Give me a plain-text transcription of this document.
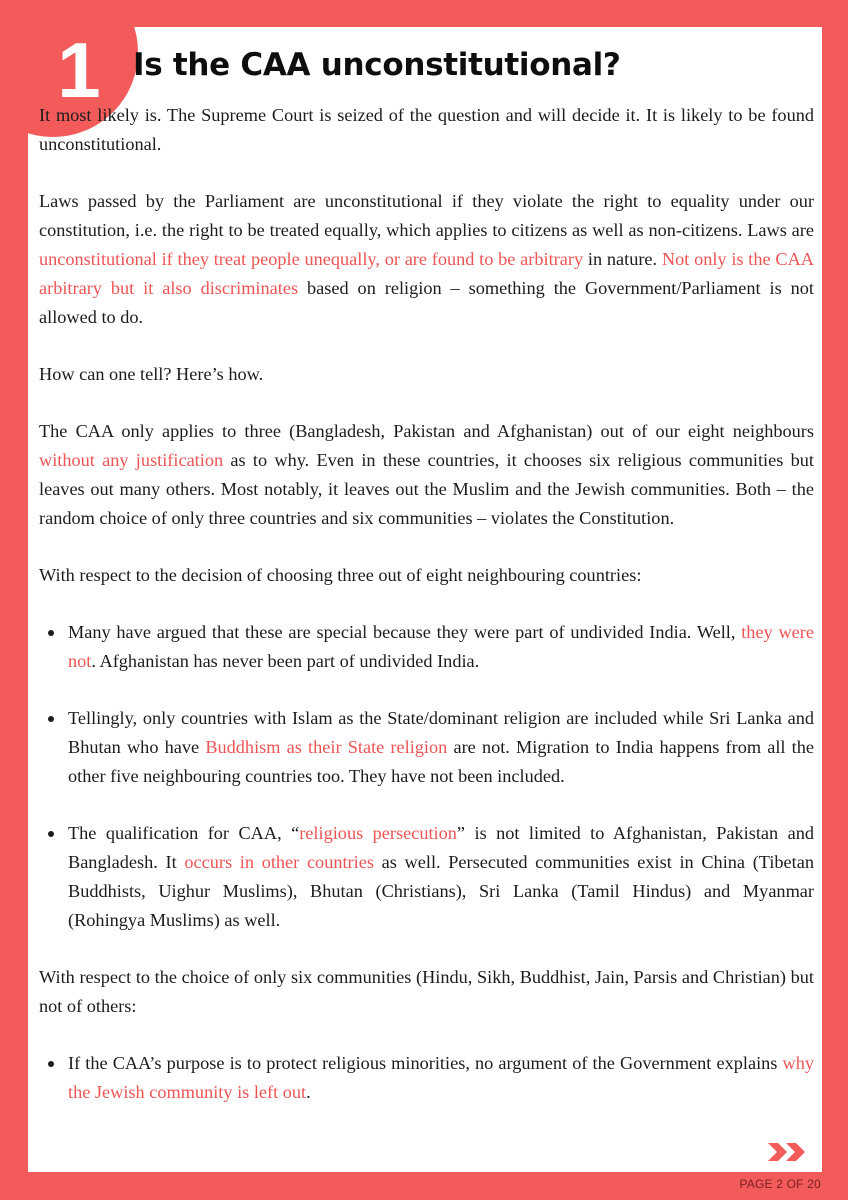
1 Is the CAA unconstitutional?

It most likely is. The Supreme Court is seized of the question and will decide it. It is likely to be found unconstitutional.

Laws passed by the Parliament are unconstitutional if they violate the right to equality under our constitution, i.e. the right to be treated equally, which applies to citizens as well as non-citizens. Laws are unconstitutional if they treat people unequally, or are found to be arbitrary in nature. Not only is the CAA arbitrary but it also discriminates based on religion – something the Government/Parliament is not allowed to do.

How can one tell? Here’s how.

The CAA only applies to three (Bangladesh, Pakistan and Afghanistan) out of our eight neighbours without any justification as to why. Even in these countries, it chooses six religious communities but leaves out many others. Most notably, it leaves out the Muslim and the Jewish communities. Both – the random choice of only three countries and six communities – violates the Constitution.

With respect to the decision of choosing three out of eight neighbouring countries:

Many have argued that these are special because they were part of undivided India. Well, they were not. Afghanistan has never been part of undivided India.
Tellingly, only countries with Islam as the State/dominant religion are included while Sri Lanka and Bhutan who have Buddhism as their State religion are not. Migration to India happens from all the other five neighbouring countries too. They have not been included.
The qualification for CAA, “religious persecution” is not limited to Afghanistan, Pakistan and Bangladesh. It occurs in other countries as well. Persecuted communities exist in China (Tibetan Buddhists, Uighur Muslims), Bhutan (Christians), Sri Lanka (Tamil Hindus) and Myanmar (Rohingya Muslims) as well.

With respect to the choice of only six communities (Hindu, Sikh, Buddhist, Jain, Parsis and Christian) but not of others:

If the CAA’s purpose is to protect religious minorities, no argument of the Government explains why the Jewish community is left out.
PAGE 2 OF 20
